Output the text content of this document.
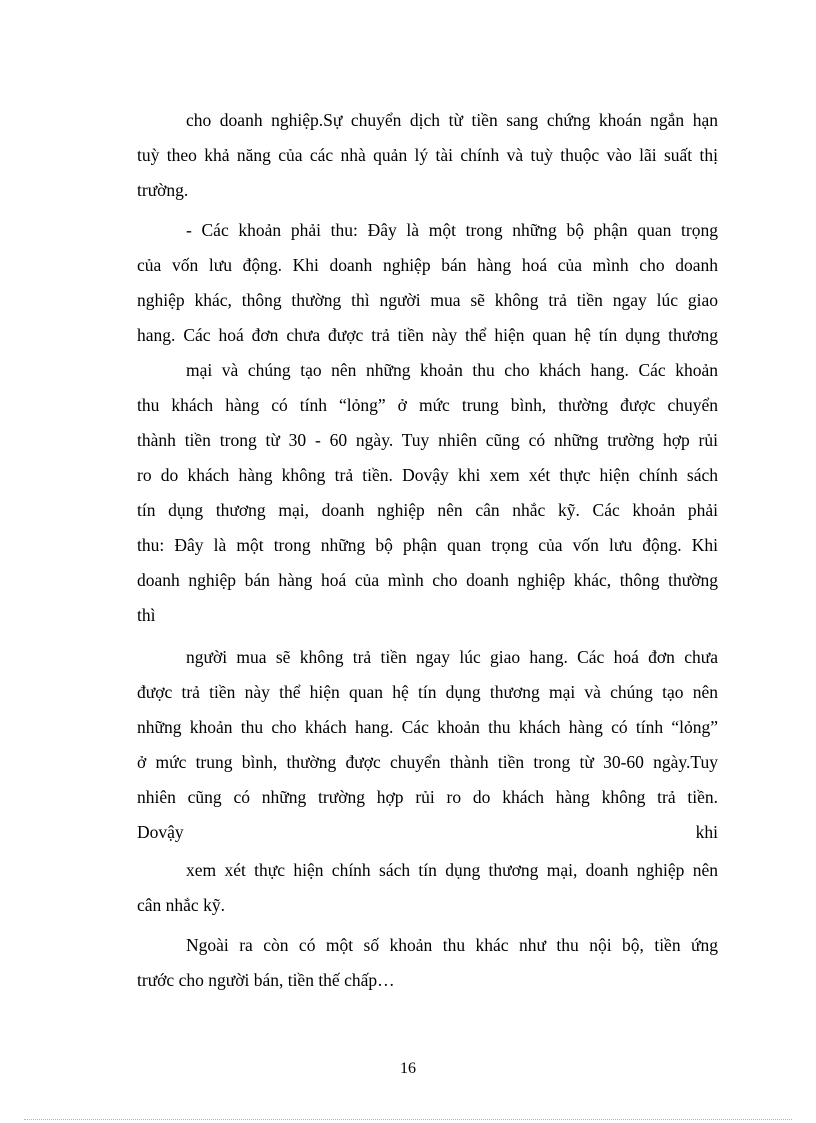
cho doanh nghiệp.Sự chuyển dịch từ tiền sang chứng khoán ngắn hạn
tuỳ theo khả năng của các nhà quản lý tài chính và tuỳ thuộc vào lãi suất thị
trường.
- Các khoản phải thu: Đây là một trong những bộ phận quan trọng
của vốn lưu động. Khi doanh nghiệp bán hàng hoá của mình cho doanh
nghiệp khác, thông thường thì người mua sẽ không trả tiền ngay lúc giao
hang. Các hoá đơn chưa được trả tiền này thể hiện quan hệ tín dụng thương
mại và chúng tạo nên những khoản thu cho khách hang. Các khoản
thu khách hàng có tính “lỏng” ở mức trung bình, thường được chuyển
thành tiền trong từ 30 - 60 ngày. Tuy nhiên cũng có những trường hợp rủi
ro do khách hàng không trả tiền. Dovậy khi xem xét thực hiện chính sách
tín dụng thương mại, doanh nghiệp nên cân nhắc kỹ. Các khoản phải
thu: Đây là một trong những bộ phận quan trọng của vốn lưu động. Khi
doanh nghiệp bán hàng hoá của mình cho doanh nghiệp khác, thông thường
thì
người mua sẽ không trả tiền ngay lúc giao hang. Các hoá đơn chưa
được trả tiền này thể hiện quan hệ tín dụng thương mại và chúng tạo nên
những khoản thu cho khách hang. Các khoản thu khách hàng có tính “lỏng”
ở mức trung bình, thường được chuyển thành tiền trong từ 30-60 ngày.Tuy
nhiên cũng có những trường hợp rủi ro do khách hàng không trả tiền.
Dovậy khi
xem xét thực hiện chính sách tín dụng thương mại, doanh nghiệp nên
cân nhắc kỹ.
Ngoài ra còn có một số khoản thu khác như thu nội bộ, tiền ứng
trước cho người bán, tiền thế chấp…
16
